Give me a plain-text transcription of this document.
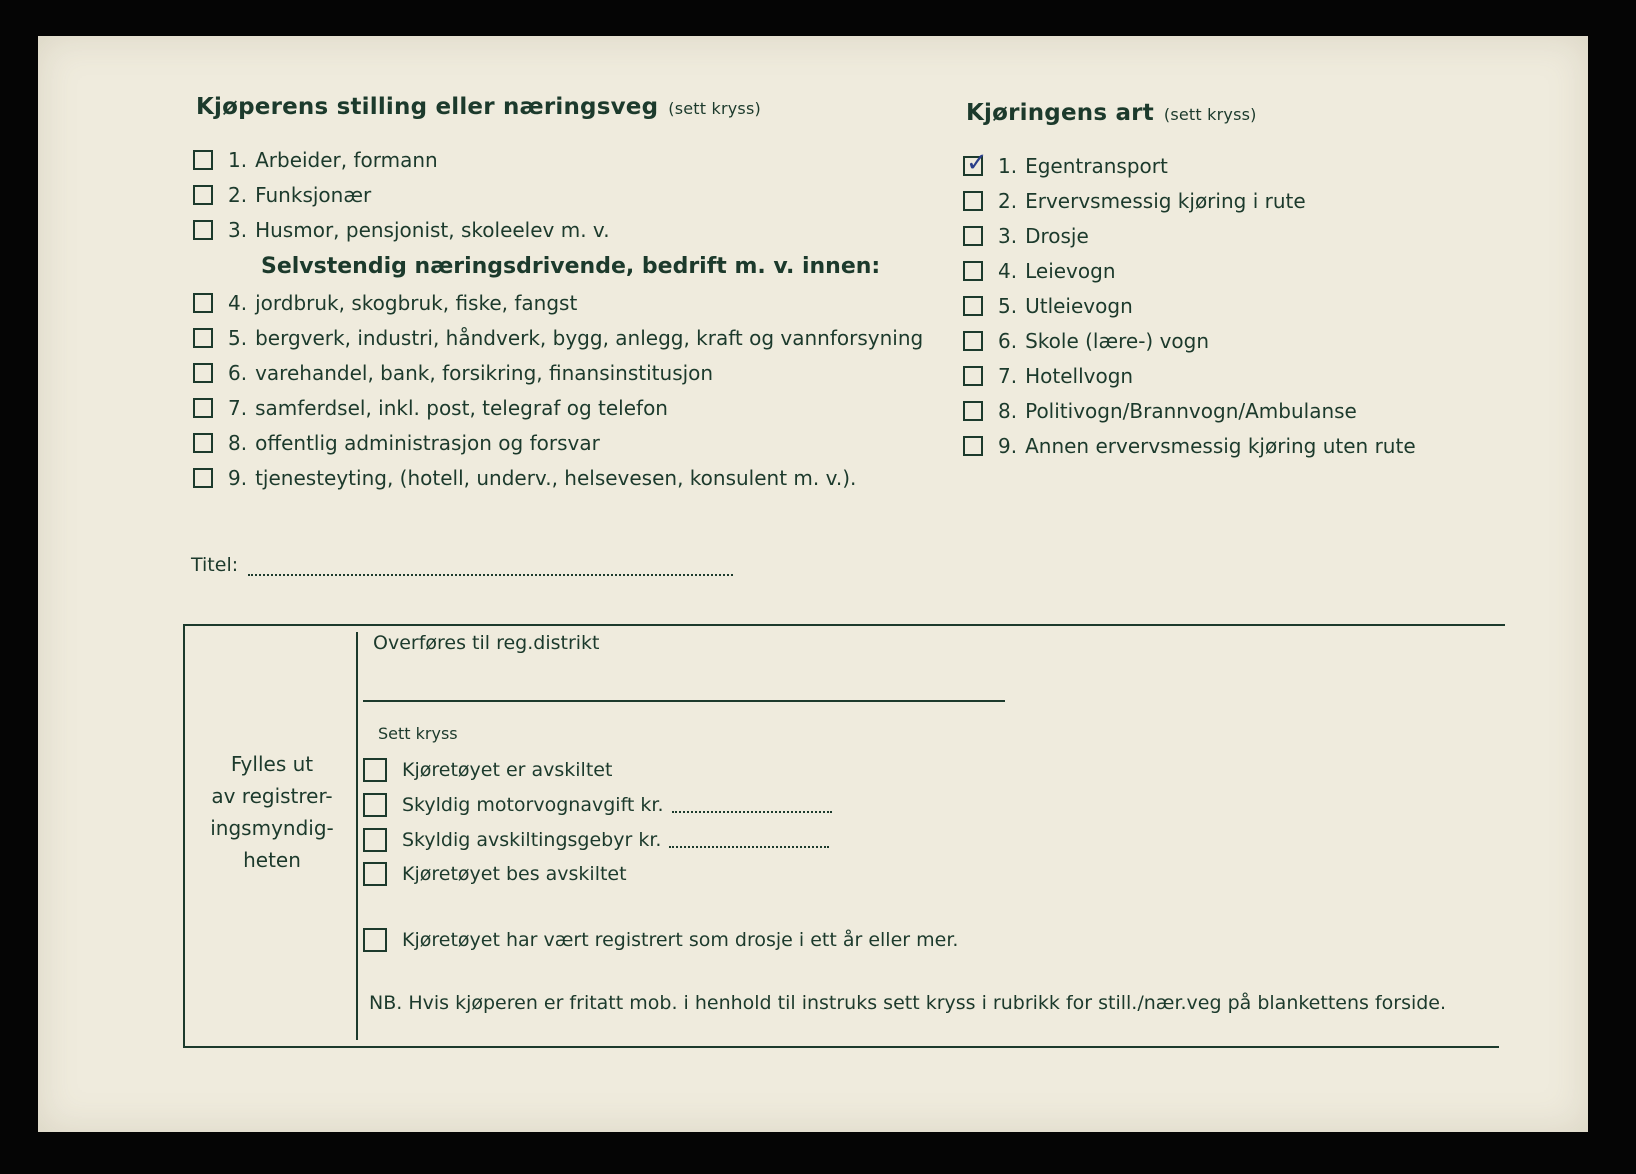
Kjøperens stilling eller næringsveg (sett kryss)
1. Arbeider, formann
2. Funksjonær
3. Husmor, pensjonist, skoleelev m. v.
Selvstendig næringsdrivende, bedrift m. v. innen:
4. jordbruk, skogbruk, fiske, fangst
5. bergverk, industri, håndverk, bygg, anlegg, kraft og vannforsyning
6. varehandel, bank, forsikring, finansinstitusjon
7. samferdsel, inkl. post, telegraf og telefon
8. offentlig administrasjon og forsvar
9. tjenesteyting, (hotell, underv., helsevesen, konsulent m. v.).
Kjøringens art (sett kryss)
✓
1. Egentransport
2. Ervervsmessig kjøring i rute
3. Drosje
4. Leievogn
5. Utleievogn
6. Skole (lære-) vogn
7. Hotellvogn
8. Politivogn/Brannvogn/Ambulanse
9. Annen ervervsmessig kjøring uten rute
Titel:
Fylles ut
av registrer-
ingsmyndig-
heten
Overføres til reg.distrikt
Sett kryss
Kjøretøyet er avskiltet
Skyldig motorvognavgift kr.
Skyldig avskiltingsgebyr kr.
Kjøretøyet bes avskiltet
Kjøretøyet har vært registrert som drosje i ett år eller mer.
NB. Hvis kjøperen er fritatt mob. i henhold til instruks sett kryss i rubrikk for still./nær.veg på blankettens forside.
